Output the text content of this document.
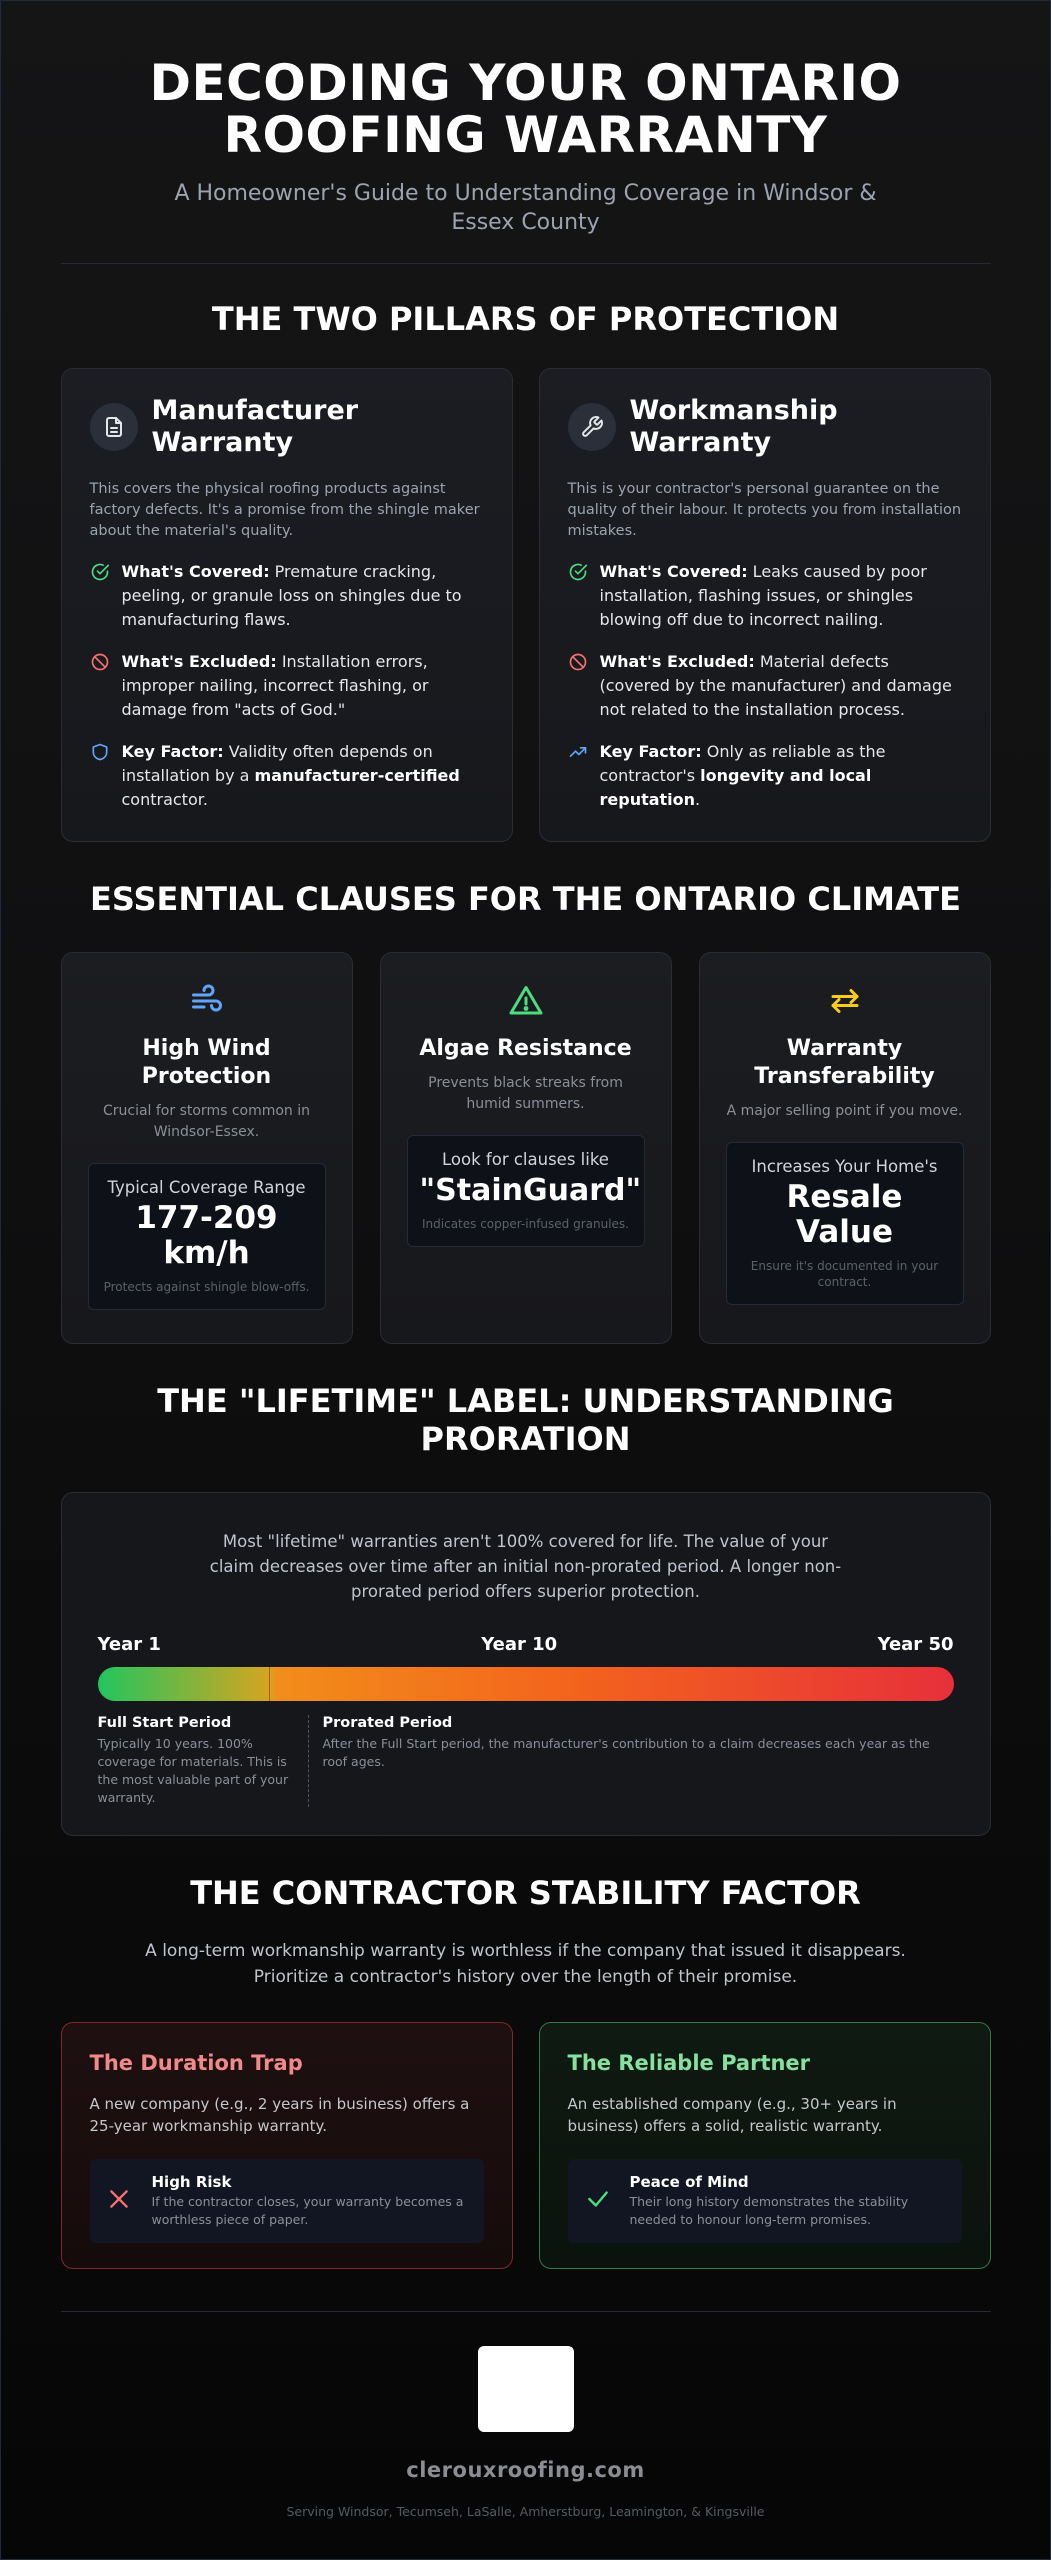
DECODING YOUR ONTARIO ROOFING WARRANTY
A Homeowner's Guide to Understanding Coverage in Windsor & Essex County
THE TWO PILLARS OF PROTECTION
Manufacturer Warranty
This covers the physical roofing products against factory defects. It's a promise from the shingle maker about the material's quality.
What's Covered: Premature cracking, peeling, or granule loss on shingles due to manufacturing flaws.
What's Excluded: Installation errors, improper nailing, incorrect flashing, or damage from "acts of God."
Key Factor: Validity often depends on installation by a manufacturer-certified contractor.
Workmanship Warranty
This is your contractor's personal guarantee on the quality of their labour. It protects you from installation mistakes.
What's Covered: Leaks caused by poor installation, flashing issues, or shingles blowing off due to incorrect nailing.
What's Excluded: Material defects (covered by the manufacturer) and damage not related to the installation process.
Key Factor: Only as reliable as the contractor's longevity and local reputation.
ESSENTIAL CLAUSES FOR THE ONTARIO CLIMATE
High Wind Protection
Crucial for storms common in Windsor-Essex.
Typical Coverage Range
177-209 km/h
Protects against shingle blow-offs.
Algae Resistance
Prevents black streaks from humid summers.
Look for clauses like
"StainGuard"
Indicates copper-infused granules.
Warranty Transferability
A major selling point if you move.
Increases Your Home's
Resale Value
Ensure it's documented in your contract.
THE "LIFETIME" LABEL: UNDERSTANDING PRORATION
Most "lifetime" warranties aren't 100% covered for life. The value of your claim decreases over time after an initial non-prorated period. A longer non-prorated period offers superior protection.
Year 1	Year 10	Year 50
Full Start Period
Typically 10 years. 100% coverage for materials. This is the most valuable part of your warranty.
Prorated Period
After the Full Start period, the manufacturer's contribution to a claim decreases each year as the roof ages.
THE CONTRACTOR STABILITY FACTOR
A long-term workmanship warranty is worthless if the company that issued it disappears. Prioritize a contractor's history over the length of their promise.
The Duration Trap
A new company (e.g., 2 years in business) offers a 25-year workmanship warranty.
High Risk
If the contractor closes, your warranty becomes a worthless piece of paper.
The Reliable Partner
An established company (e.g., 30+ years in business) offers a solid, realistic warranty.
Peace of Mind
Their long history demonstrates the stability needed to honour long-term promises.
clerouxroofing.com
Serving Windsor, Tecumseh, LaSalle, Amherstburg, Leamington, & Kingsville
